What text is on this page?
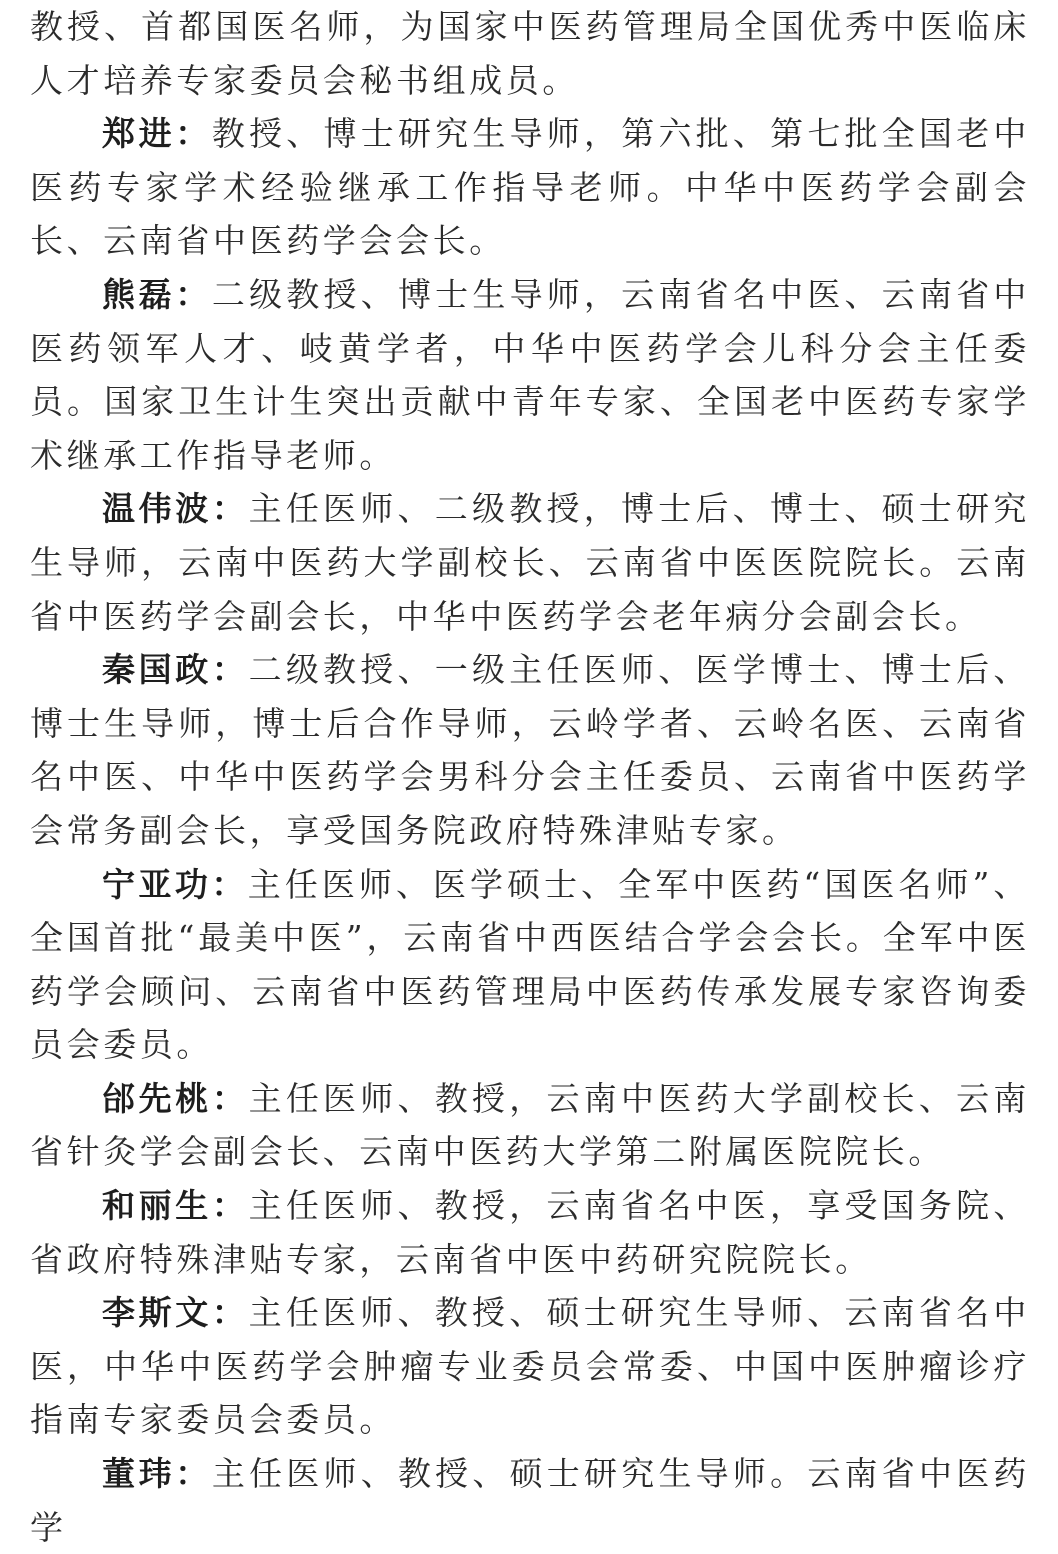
教授、首都国医名师，为国家中医药管理局全国优秀中医临床人才培养专家委员会秘书组成员。

郑进：教授、博士研究生导师，第六批、第七批全国老中医药专家学术经验继承工作指导老师。中华中医药学会副会长、云南省中医药学会会长。

熊磊：二级教授、博士生导师，云南省名中医、云南省中医药领军人才、岐黄学者，中华中医药学会儿科分会主任委员。国家卫生计生突出贡献中青年专家、全国老中医药专家学术继承工作指导老师。

温伟波：主任医师、二级教授，博士后、博士、硕士研究生导师，云南中医药大学副校长、云南省中医医院院长。云南省中医药学会副会长，中华中医药学会老年病分会副会长。

秦国政：二级教授、一级主任医师、医学博士、博士后、博士生导师，博士后合作导师，云岭学者、云岭名医、云南省名中医、中华中医药学会男科分会主任委员、云南省中医药学会常务副会长，享受国务院政府特殊津贴专家。

宁亚功：主任医师、医学硕士、全军中医药“国医名师”、全国首批“最美中医”，云南省中西医结合学会会长。全军中医药学会顾问、云南省中医药管理局中医药传承发展专家咨询委员会委员。

邰先桃：主任医师、教授，云南中医药大学副校长、云南省针灸学会副会长、云南中医药大学第二附属医院院长。

和丽生：主任医师、教授，云南省名中医，享受国务院、省政府特殊津贴专家，云南省中医中药研究院院长。

李斯文：主任医师、教授、硕士研究生导师、云南省名中医，中华中医药学会肿瘤专业委员会常委、中国中医肿瘤诊疗指南专家委员会委员。

董玮：主任医师、教授、硕士研究生导师。云南省中医药学
